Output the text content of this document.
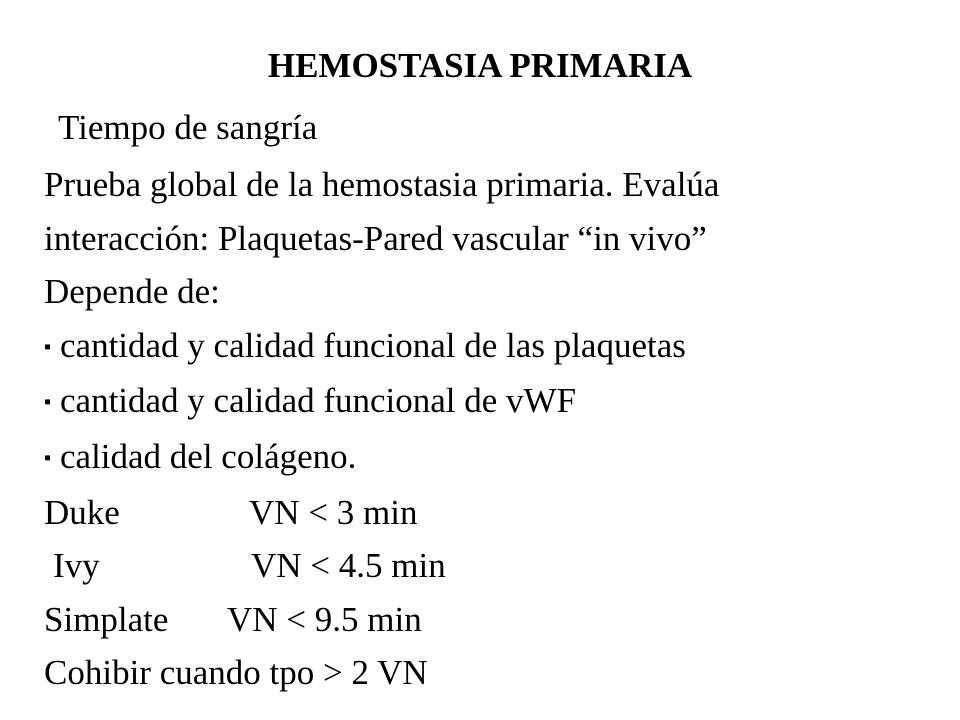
HEMOSTASIA PRIMARIA
Tiempo de sangría
Prueba global de la hemostasia primaria. Evalúa
interacción: Plaquetas-Pared vascular “in vivo”
Depende de:
▪ cantidad y calidad funcional de las plaquetas
▪ cantidad y calidad funcional de vWF
▪ calidad del colágeno.
Duke	VN < 3 min
Ivy	VN < 4.5 min
Simplate VN < 9.5 min
Cohibir cuando tpo > 2 VN
